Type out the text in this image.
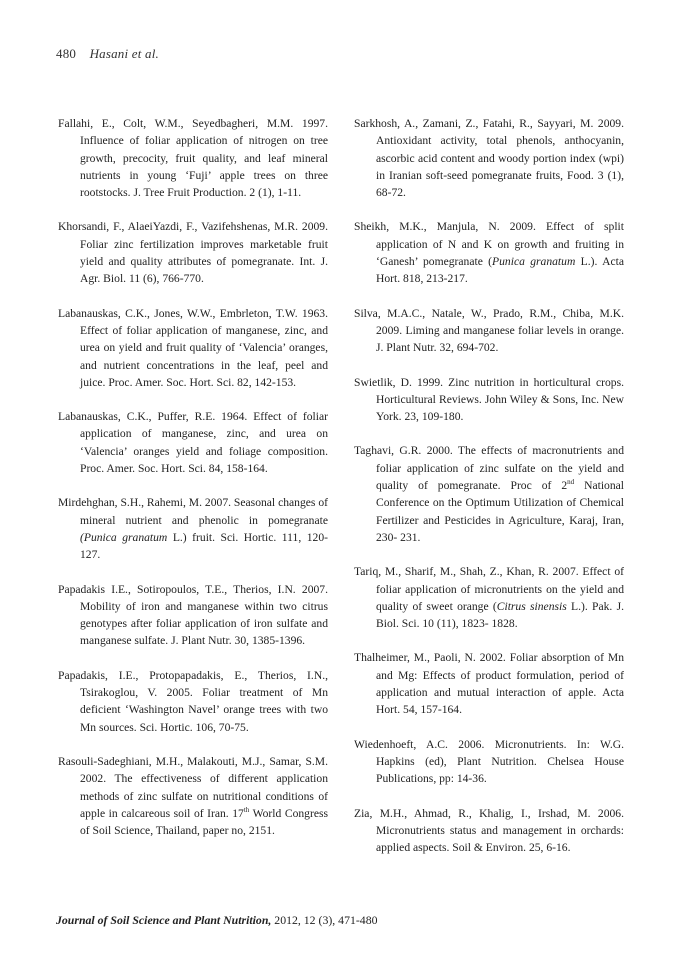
480 Hasani et al.

Fallahi, E., Colt, W.M., Seyedbagheri, M.M. 1997. Influence of foliar application of nitrogen on tree growth, precocity, fruit quality, and leaf mineral nutrients in young ‘Fuji’ apple trees on three rootstocks. J. Tree Fruit Production. 2 (1), 1-11.

Khorsandi, F., AlaeiYazdi, F., Vazifehshenas, M.R. 2009. Foliar zinc fertilization improves marketable fruit yield and quality attributes of pomegranate. Int. J. Agr. Biol. 11 (6), 766-770.

Labanauskas, C.K., Jones, W.W., Embrleton, T.W. 1963. Effect of foliar application of manganese, zinc, and urea on yield and fruit quality of ‘Valencia’ oranges, and nutrient concentrations in the leaf, peel and juice. Proc. Amer. Soc. Hort. Sci. 82, 142-153.

Labanauskas, C.K., Puffer, R.E. 1964. Effect of foliar application of manganese, zinc, and urea on ‘Valencia’ oranges yield and foliage composition. Proc. Amer. Soc. Hort. Sci. 84, 158-164.

Mirdehghan, S.H., Rahemi, M. 2007. Seasonal changes of mineral nutrient and phenolic in pomegranate (Punica granatum L.) fruit. Sci. Hortic. 111, 120-127.

Papadakis I.E., Sotiropoulos, T.E., Therios, I.N. 2007. Mobility of iron and manganese within two citrus genotypes after foliar application of iron sulfate and manganese sulfate. J. Plant Nutr. 30, 1385-1396.

Papadakis, I.E., Protopapadakis, E., Therios, I.N., Tsirakoglou, V. 2005. Foliar treatment of Mn deficient ‘Washington Navel’ orange trees with two Mn sources. Sci. Hortic. 106, 70-75.

Rasouli-Sadeghiani, M.H., Malakouti, M.J., Samar, S.M. 2002. The effectiveness of different application methods of zinc sulfate on nutritional conditions of apple in calcareous soil of Iran. 17th World Congress of Soil Science, Thailand, paper no, 2151.

Sarkhosh, A., Zamani, Z., Fatahi, R., Sayyari, M. 2009. Antioxidant activity, total phenols, anthocyanin, ascorbic acid content and woody portion index (wpi) in Iranian soft-seed pomegranate fruits, Food. 3 (1), 68-72.

Sheikh, M.K., Manjula, N. 2009. Effect of split application of N and K on growth and fruiting in ‘Ganesh’ pomegranate (Punica granatum L.). Acta Hort. 818, 213-217.

Silva, M.A.C., Natale, W., Prado, R.M., Chiba, M.K. 2009. Liming and manganese foliar levels in orange. J. Plant Nutr. 32, 694-702.

Swietlik, D. 1999. Zinc nutrition in horticultural crops. Horticultural Reviews. John Wiley & Sons, Inc. New York. 23, 109-180.

Taghavi, G.R. 2000. The effects of macronutrients and foliar application of zinc sulfate on the yield and quality of pomegranate. Proc of 2nd National Conference on the Optimum Utilization of Chemical Fertilizer and Pesticides in Agriculture, Karaj, Iran, 230- 231.

Tariq, M., Sharif, M., Shah, Z., Khan, R. 2007. Effect of foliar application of micronutrients on the yield and quality of sweet orange (Citrus sinensis L.). Pak. J. Biol. Sci. 10 (11), 1823- 1828.

Thalheimer, M., Paoli, N. 2002. Foliar absorption of Mn and Mg: Effects of product formulation, period of application and mutual interaction of apple. Acta Hort. 54, 157-164.

Wiedenhoeft, A.C. 2006. Micronutrients. In: W.G. Hapkins (ed), Plant Nutrition. Chelsea House Publications, pp: 14-36.

Zia, M.H., Ahmad, R., Khalig, I., Irshad, M. 2006. Micronutrients status and management in orchards: applied aspects. Soil & Environ. 25, 6-16.

Journal of Soil Science and Plant Nutrition, 2012, 12 (3), 471-480
